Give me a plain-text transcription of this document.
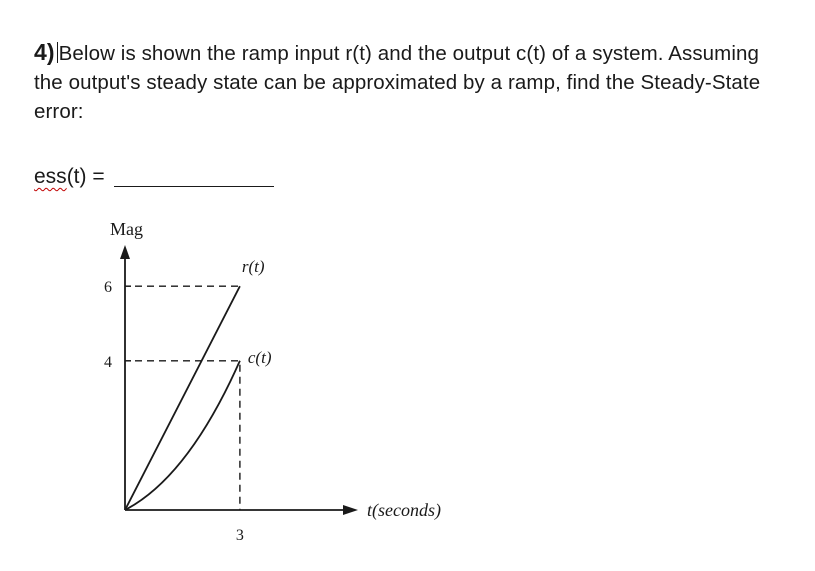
4) Below is shown the ramp input r(t) and the output c(t) of a system. Assuming
the output's steady state can be approximated by a ramp, find the Steady-State
error:
ess(t) =
Mag
t(seconds)
6
4
3
r(t)
c(t)
